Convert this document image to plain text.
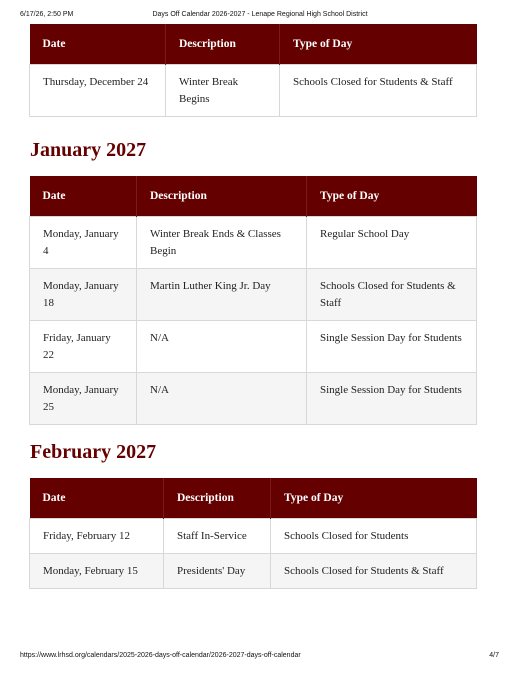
6/17/26, 2:50 PM	Days Off Calendar 2026-2027 - Lenape Regional High School District
Date	Description	Type of Day
Thursday, December 24	Winter Break Begins	Schools Closed for Students & Staff
January 2027
Date	Description	Type of Day
Monday, January 4	Winter Break Ends & Classes Begin	Regular School Day
Monday, January 18	Martin Luther King Jr. Day	Schools Closed for Students & Staff
Friday, January 22	N/A	Single Session Day for Students
Monday, January 25	N/A	Single Session Day for Students
February 2027
Date	Description	Type of Day
Friday, February 12	Staff In-Service	Schools Closed for Students
Monday, February 15	Presidents' Day	Schools Closed for Students & Staff
https://www.lrhsd.org/calendars/2025-2026-days-off-calendar/2026-2027-days-off-calendar	4/7
